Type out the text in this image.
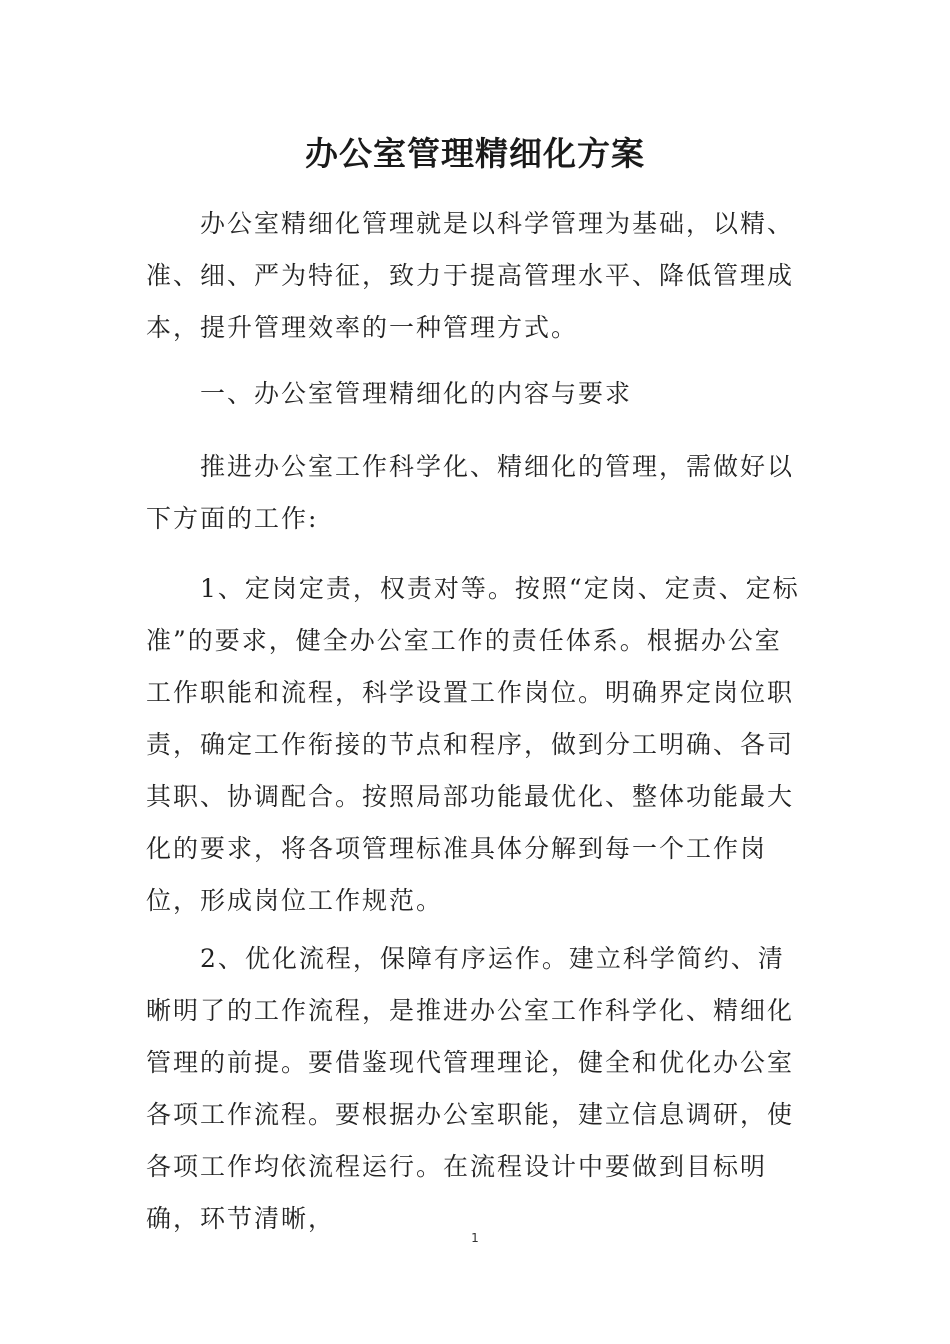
办公室管理精细化方案

办公室精细化管理就是以科学管理为基础，以精、准、细、严为特征，致力于提高管理水平、降低管理成本，提升管理效率的一种管理方式。

一、办公室管理精细化的内容与要求

推进办公室工作科学化、精细化的管理，需做好以下方面的工作:

1、定岗定责，权责对等。按照“定岗、定责、定标准”的要求，健全办公室工作的责任体系。根据办公室工作职能和流程，科学设置工作岗位。明确界定岗位职责，确定工作衔接的节点和程序，做到分工明确、各司其职、协调配合。按照局部功能最优化、整体功能最大化的要求，将各项管理标准具体分解到每一个工作岗位，形成岗位工作规范。

2、优化流程，保障有序运作。建立科学简约、清晰明了的工作流程，是推进办公室工作科学化、精细化管理的前提。要借鉴现代管理理论，健全和优化办公室各项工作流程。要根据办公室职能，建立信息调研，使各项工作均依流程运行。在流程设计中要做到目标明确，环节清晰，

1
